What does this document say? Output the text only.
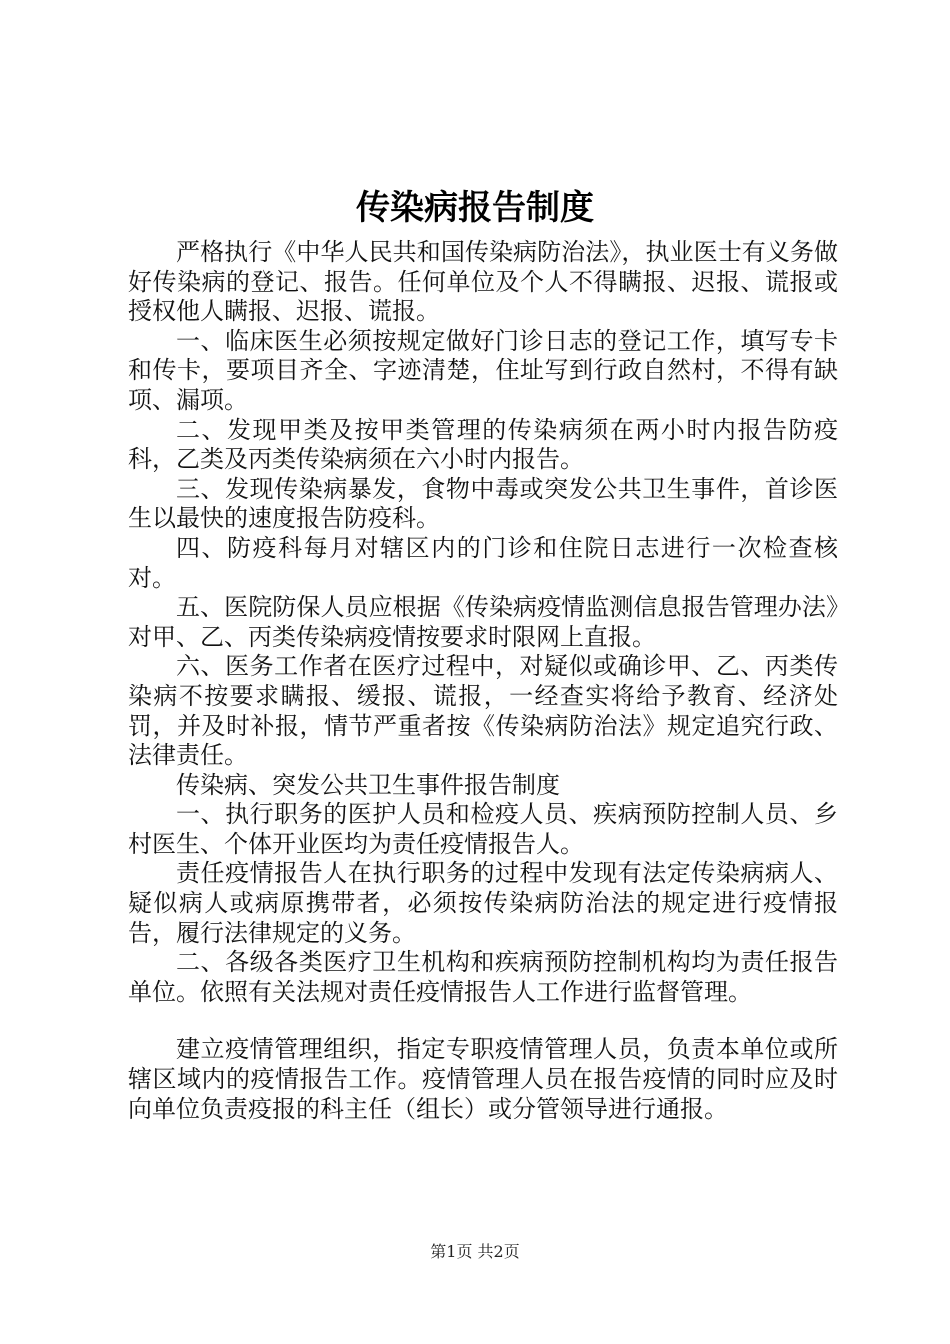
传染病报告制度

严格执行《中华人民共和国传染病防治法》，执业医士有义务做好传染病的登记、报告。任何单位及个人不得瞒报、迟报、谎报或授权他人瞒报、迟报、谎报。

一、临床医生必须按规定做好门诊日志的登记工作，填写专卡和传卡，要项目齐全、字迹清楚，住址写到行政自然村，不得有缺项、漏项。

二、发现甲类及按甲类管理的传染病须在两小时内报告防疫科，乙类及丙类传染病须在六小时内报告。

三、发现传染病暴发，食物中毒或突发公共卫生事件，首诊医生以最快的速度报告防疫科。

四、防疫科每月对辖区内的门诊和住院日志进行一次检查核对。

五、医院防保人员应根据《传染病疫情监测信息报告管理办法》对甲、乙、丙类传染病疫情按要求时限网上直报。

六、医务工作者在医疗过程中，对疑似或确诊甲、乙、丙类传染病不按要求瞒报、缓报、谎报，一经查实将给予教育、经济处罚，并及时补报，情节严重者按《传染病防治法》规定追究行政、法律责任。

传染病、突发公共卫生事件报告制度

一、执行职务的医护人员和检疫人员、疾病预防控制人员、乡村医生、个体开业医均为责任疫情报告人。

责任疫情报告人在执行职务的过程中发现有法定传染病病人、疑似病人或病原携带者，必须按传染病防治法的规定进行疫情报告，履行法律规定的义务。

二、各级各类医疗卫生机构和疾病预防控制机构均为责任报告单位。依照有关法规对责任疫情报告人工作进行监督管理。

建立疫情管理组织，指定专职疫情管理人员，负责本单位或所辖区域内的疫情报告工作。疫情管理人员在报告疫情的同时应及时向单位负责疫报的科主任（组长）或分管领导进行通报。

第1页 共2页
